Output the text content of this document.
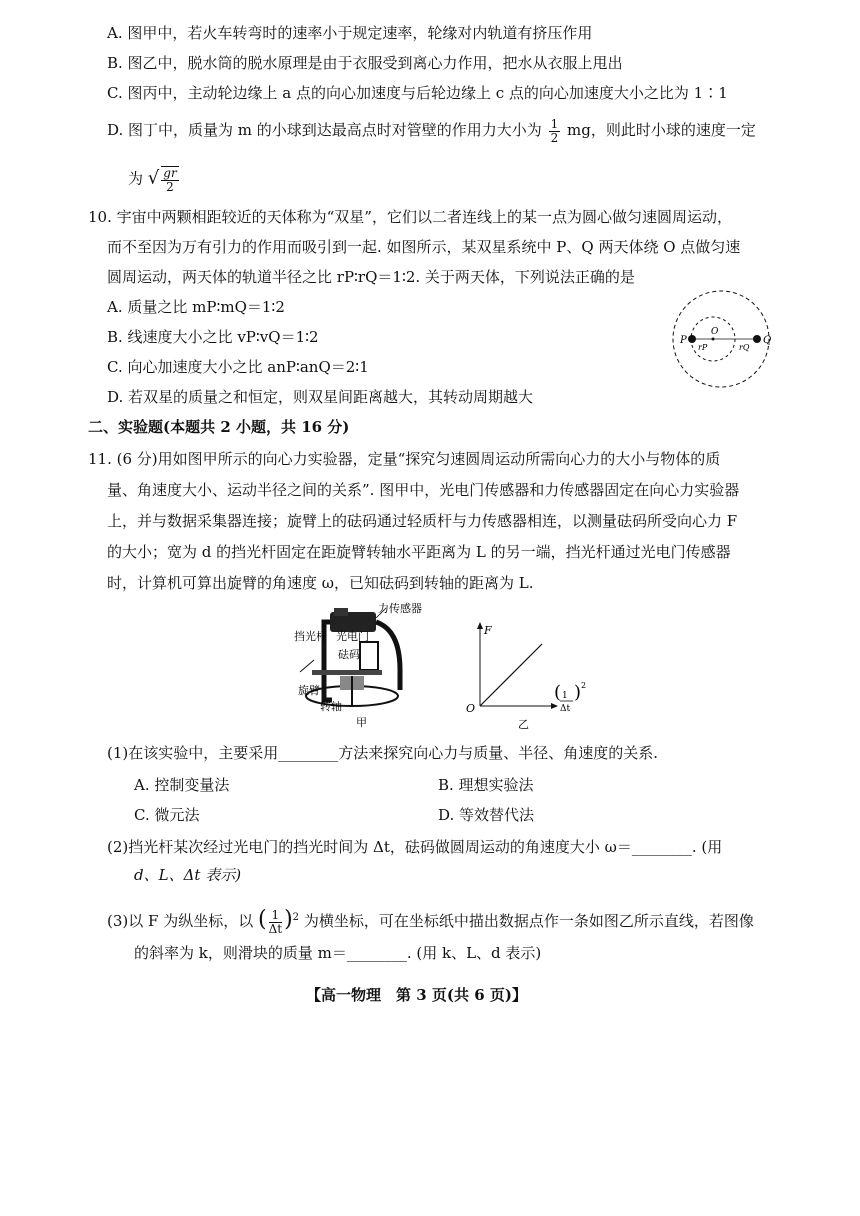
A. 图甲中，若火车转弯时的速率小于规定速率，轮缘对内轨道有挤压作用
B. 图乙中，脱水筒的脱水原理是由于衣服受到离心力作用，把水从衣服上甩出
C. 图丙中，主动轮边缘上 a 点的向心加速度与后轮边缘上 c 点的向心加速度大小之比为 1∶1
D. 图丁中，质量为 m 的小球到达最高点时对管壁的作用力大小为 $\frac{1}{2}$ mg，则此时小球的速度一定
为 √ $\frac{gr}{2}$
10. 宇宙中两颗相距较近的天体称为“双星”，它们以二者连线上的某一点为圆心做匀速圆周运动，
而不至因为万有引力的作用而吸引到一起. 如图所示，某双星系统中 P、Q 两天体绕 O 点做匀速
圆周运动，两天体的轨道半径之比 rP∶rQ＝1∶2. 关于两天体，下列说法正确的是
A. 质量之比 mP∶mQ＝1∶2
B. 线速度大小之比 vP∶vQ＝1∶2
C. 向心加速度大小之比 anP∶anQ＝2∶1
D. 若双星的质量之和恒定，则双星间距离越大，其转动周期越大
P	Q
O
rP	rQ
二、实验题(本题共 2 小题，共 16 分)
11. (6 分)用如图甲所示的向心力实验器，定量“探究匀速圆周运动所需向心力的大小与物体的质
量、角速度大小、运动半径之间的关系”. 图甲中，光电门传感器和力传感器固定在向心力实验器
上，并与数据采集器连接；旋臂上的砝码通过轻质杆与力传感器相连，以测量砝码所受向心力 F
的大小；宽为 d 的挡光杆固定在距旋臂转轴水平距离为 L 的另一端，挡光杆通过光电门传感器
时，计算机可算出旋臂的角速度 ω，已知砝码到转轴的距离为 L.
力传感器
挡光杆 光电门
砝码
旋臂
转轴
甲
F
O
( 1
Δt
) 2
乙
(1)在该实验中，主要采用________方法来探究向心力与质量、半径、角速度的关系.
A. 控制变量法	B. 理想实验法
C. 微元法	D. 等效替代法
(2)挡光杆某次经过光电门的挡光时间为 Δt，砝码做圆周运动的角速度大小 ω＝________. (用
d、L、Δt 表示)
(3)以 F 为纵坐标，以 ( $\frac{1}{\Delta t} )^2$ 为横坐标，可在坐标纸中描出数据点作一条如图乙所示直线，若图像
的斜率为 k，则滑块的质量 m＝________. (用 k、L、d 表示)
【高一物理　第 3 页(共 6 页)】
